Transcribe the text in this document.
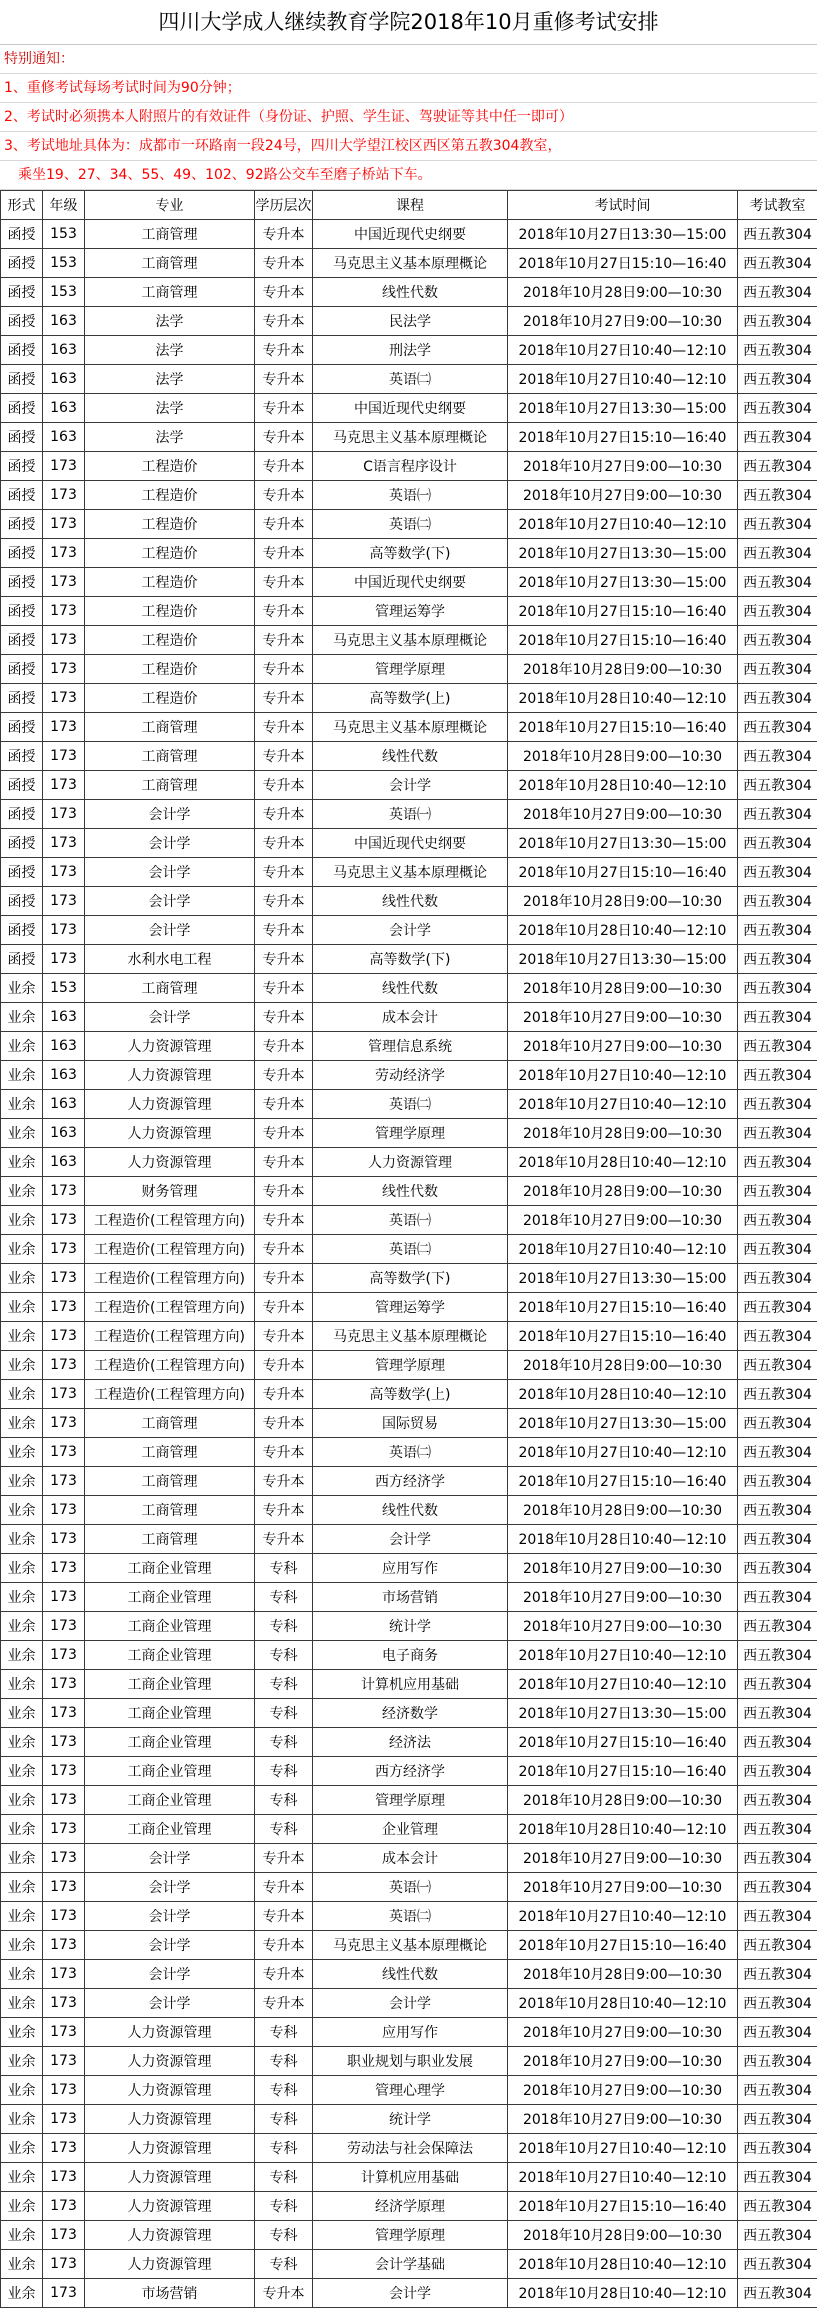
四川大学成人继续教育学院2018年10月重修考试安排
特别通知：
1、重修考试每场考试时间为90分钟；
2、考试时必须携本人附照片的有效证件（身份证、护照、学生证、驾驶证等其中任一即可）
3、考试地址具体为：成都市一环路南一段24号，四川大学望江校区西区第五教304教室，
　乘坐19、27、34、55、49、102、92路公交车至磨子桥站下车。
形式	年级	专业	学历层次	课程	考试时间	考试教室
函授	153	工商管理	专升本	中国近现代史纲要	2018年10月27日13:30—15:00	西五教304
函授	153	工商管理	专升本	马克思主义基本原理概论	2018年10月27日15:10—16:40	西五教304
函授	153	工商管理	专升本	线性代数	2018年10月28日9:00—10:30	西五教304
函授	163	法学	专升本	民法学	2018年10月27日9:00—10:30	西五教304
函授	163	法学	专升本	刑法学	2018年10月27日10:40—12:10	西五教304
函授	163	法学	专升本	英语㈡	2018年10月27日10:40—12:10	西五教304
函授	163	法学	专升本	中国近现代史纲要	2018年10月27日13:30—15:00	西五教304
函授	163	法学	专升本	马克思主义基本原理概论	2018年10月27日15:10—16:40	西五教304
函授	173	工程造价	专升本	C语言程序设计	2018年10月27日9:00—10:30	西五教304
函授	173	工程造价	专升本	英语㈠	2018年10月27日9:00—10:30	西五教304
函授	173	工程造价	专升本	英语㈡	2018年10月27日10:40—12:10	西五教304
函授	173	工程造价	专升本	高等数学(下)	2018年10月27日13:30—15:00	西五教304
函授	173	工程造价	专升本	中国近现代史纲要	2018年10月27日13:30—15:00	西五教304
函授	173	工程造价	专升本	管理运筹学	2018年10月27日15:10—16:40	西五教304
函授	173	工程造价	专升本	马克思主义基本原理概论	2018年10月27日15:10—16:40	西五教304
函授	173	工程造价	专升本	管理学原理	2018年10月28日9:00—10:30	西五教304
函授	173	工程造价	专升本	高等数学(上)	2018年10月28日10:40—12:10	西五教304
函授	173	工商管理	专升本	马克思主义基本原理概论	2018年10月27日15:10—16:40	西五教304
函授	173	工商管理	专升本	线性代数	2018年10月28日9:00—10:30	西五教304
函授	173	工商管理	专升本	会计学	2018年10月28日10:40—12:10	西五教304
函授	173	会计学	专升本	英语㈠	2018年10月27日9:00—10:30	西五教304
函授	173	会计学	专升本	中国近现代史纲要	2018年10月27日13:30—15:00	西五教304
函授	173	会计学	专升本	马克思主义基本原理概论	2018年10月27日15:10—16:40	西五教304
函授	173	会计学	专升本	线性代数	2018年10月28日9:00—10:30	西五教304
函授	173	会计学	专升本	会计学	2018年10月28日10:40—12:10	西五教304
函授	173	水利水电工程	专升本	高等数学(下)	2018年10月27日13:30—15:00	西五教304
业余	153	工商管理	专升本	线性代数	2018年10月28日9:00—10:30	西五教304
业余	163	会计学	专升本	成本会计	2018年10月27日9:00—10:30	西五教304
业余	163	人力资源管理	专升本	管理信息系统	2018年10月27日9:00—10:30	西五教304
业余	163	人力资源管理	专升本	劳动经济学	2018年10月27日10:40—12:10	西五教304
业余	163	人力资源管理	专升本	英语㈡	2018年10月27日10:40—12:10	西五教304
业余	163	人力资源管理	专升本	管理学原理	2018年10月28日9:00—10:30	西五教304
业余	163	人力资源管理	专升本	人力资源管理	2018年10月28日10:40—12:10	西五教304
业余	173	财务管理	专升本	线性代数	2018年10月28日9:00—10:30	西五教304
业余	173	工程造价(工程管理方向)	专升本	英语㈠	2018年10月27日9:00—10:30	西五教304
业余	173	工程造价(工程管理方向)	专升本	英语㈡	2018年10月27日10:40—12:10	西五教304
业余	173	工程造价(工程管理方向)	专升本	高等数学(下)	2018年10月27日13:30—15:00	西五教304
业余	173	工程造价(工程管理方向)	专升本	管理运筹学	2018年10月27日15:10—16:40	西五教304
业余	173	工程造价(工程管理方向)	专升本	马克思主义基本原理概论	2018年10月27日15:10—16:40	西五教304
业余	173	工程造价(工程管理方向)	专升本	管理学原理	2018年10月28日9:00—10:30	西五教304
业余	173	工程造价(工程管理方向)	专升本	高等数学(上)	2018年10月28日10:40—12:10	西五教304
业余	173	工商管理	专升本	国际贸易	2018年10月27日13:30—15:00	西五教304
业余	173	工商管理	专升本	英语㈡	2018年10月27日10:40—12:10	西五教304
业余	173	工商管理	专升本	西方经济学	2018年10月27日15:10—16:40	西五教304
业余	173	工商管理	专升本	线性代数	2018年10月28日9:00—10:30	西五教304
业余	173	工商管理	专升本	会计学	2018年10月28日10:40—12:10	西五教304
业余	173	工商企业管理	专科	应用写作	2018年10月27日9:00—10:30	西五教304
业余	173	工商企业管理	专科	市场营销	2018年10月27日9:00—10:30	西五教304
业余	173	工商企业管理	专科	统计学	2018年10月27日9:00—10:30	西五教304
业余	173	工商企业管理	专科	电子商务	2018年10月27日10:40—12:10	西五教304
业余	173	工商企业管理	专科	计算机应用基础	2018年10月27日10:40—12:10	西五教304
业余	173	工商企业管理	专科	经济数学	2018年10月27日13:30—15:00	西五教304
业余	173	工商企业管理	专科	经济法	2018年10月27日15:10—16:40	西五教304
业余	173	工商企业管理	专科	西方经济学	2018年10月27日15:10—16:40	西五教304
业余	173	工商企业管理	专科	管理学原理	2018年10月28日9:00—10:30	西五教304
业余	173	工商企业管理	专科	企业管理	2018年10月28日10:40—12:10	西五教304
业余	173	会计学	专升本	成本会计	2018年10月27日9:00—10:30	西五教304
业余	173	会计学	专升本	英语㈠	2018年10月27日9:00—10:30	西五教304
业余	173	会计学	专升本	英语㈡	2018年10月27日10:40—12:10	西五教304
业余	173	会计学	专升本	马克思主义基本原理概论	2018年10月27日15:10—16:40	西五教304
业余	173	会计学	专升本	线性代数	2018年10月28日9:00—10:30	西五教304
业余	173	会计学	专升本	会计学	2018年10月28日10:40—12:10	西五教304
业余	173	人力资源管理	专科	应用写作	2018年10月27日9:00—10:30	西五教304
业余	173	人力资源管理	专科	职业规划与职业发展	2018年10月27日9:00—10:30	西五教304
业余	173	人力资源管理	专科	管理心理学	2018年10月27日9:00—10:30	西五教304
业余	173	人力资源管理	专科	统计学	2018年10月27日9:00—10:30	西五教304
业余	173	人力资源管理	专科	劳动法与社会保障法	2018年10月27日10:40—12:10	西五教304
业余	173	人力资源管理	专科	计算机应用基础	2018年10月27日10:40—12:10	西五教304
业余	173	人力资源管理	专科	经济学原理	2018年10月27日15:10—16:40	西五教304
业余	173	人力资源管理	专科	管理学原理	2018年10月28日9:00—10:30	西五教304
业余	173	人力资源管理	专科	会计学基础	2018年10月28日10:40—12:10	西五教304
业余	173	市场营销	专升本	会计学	2018年10月28日10:40—12:10	西五教304
